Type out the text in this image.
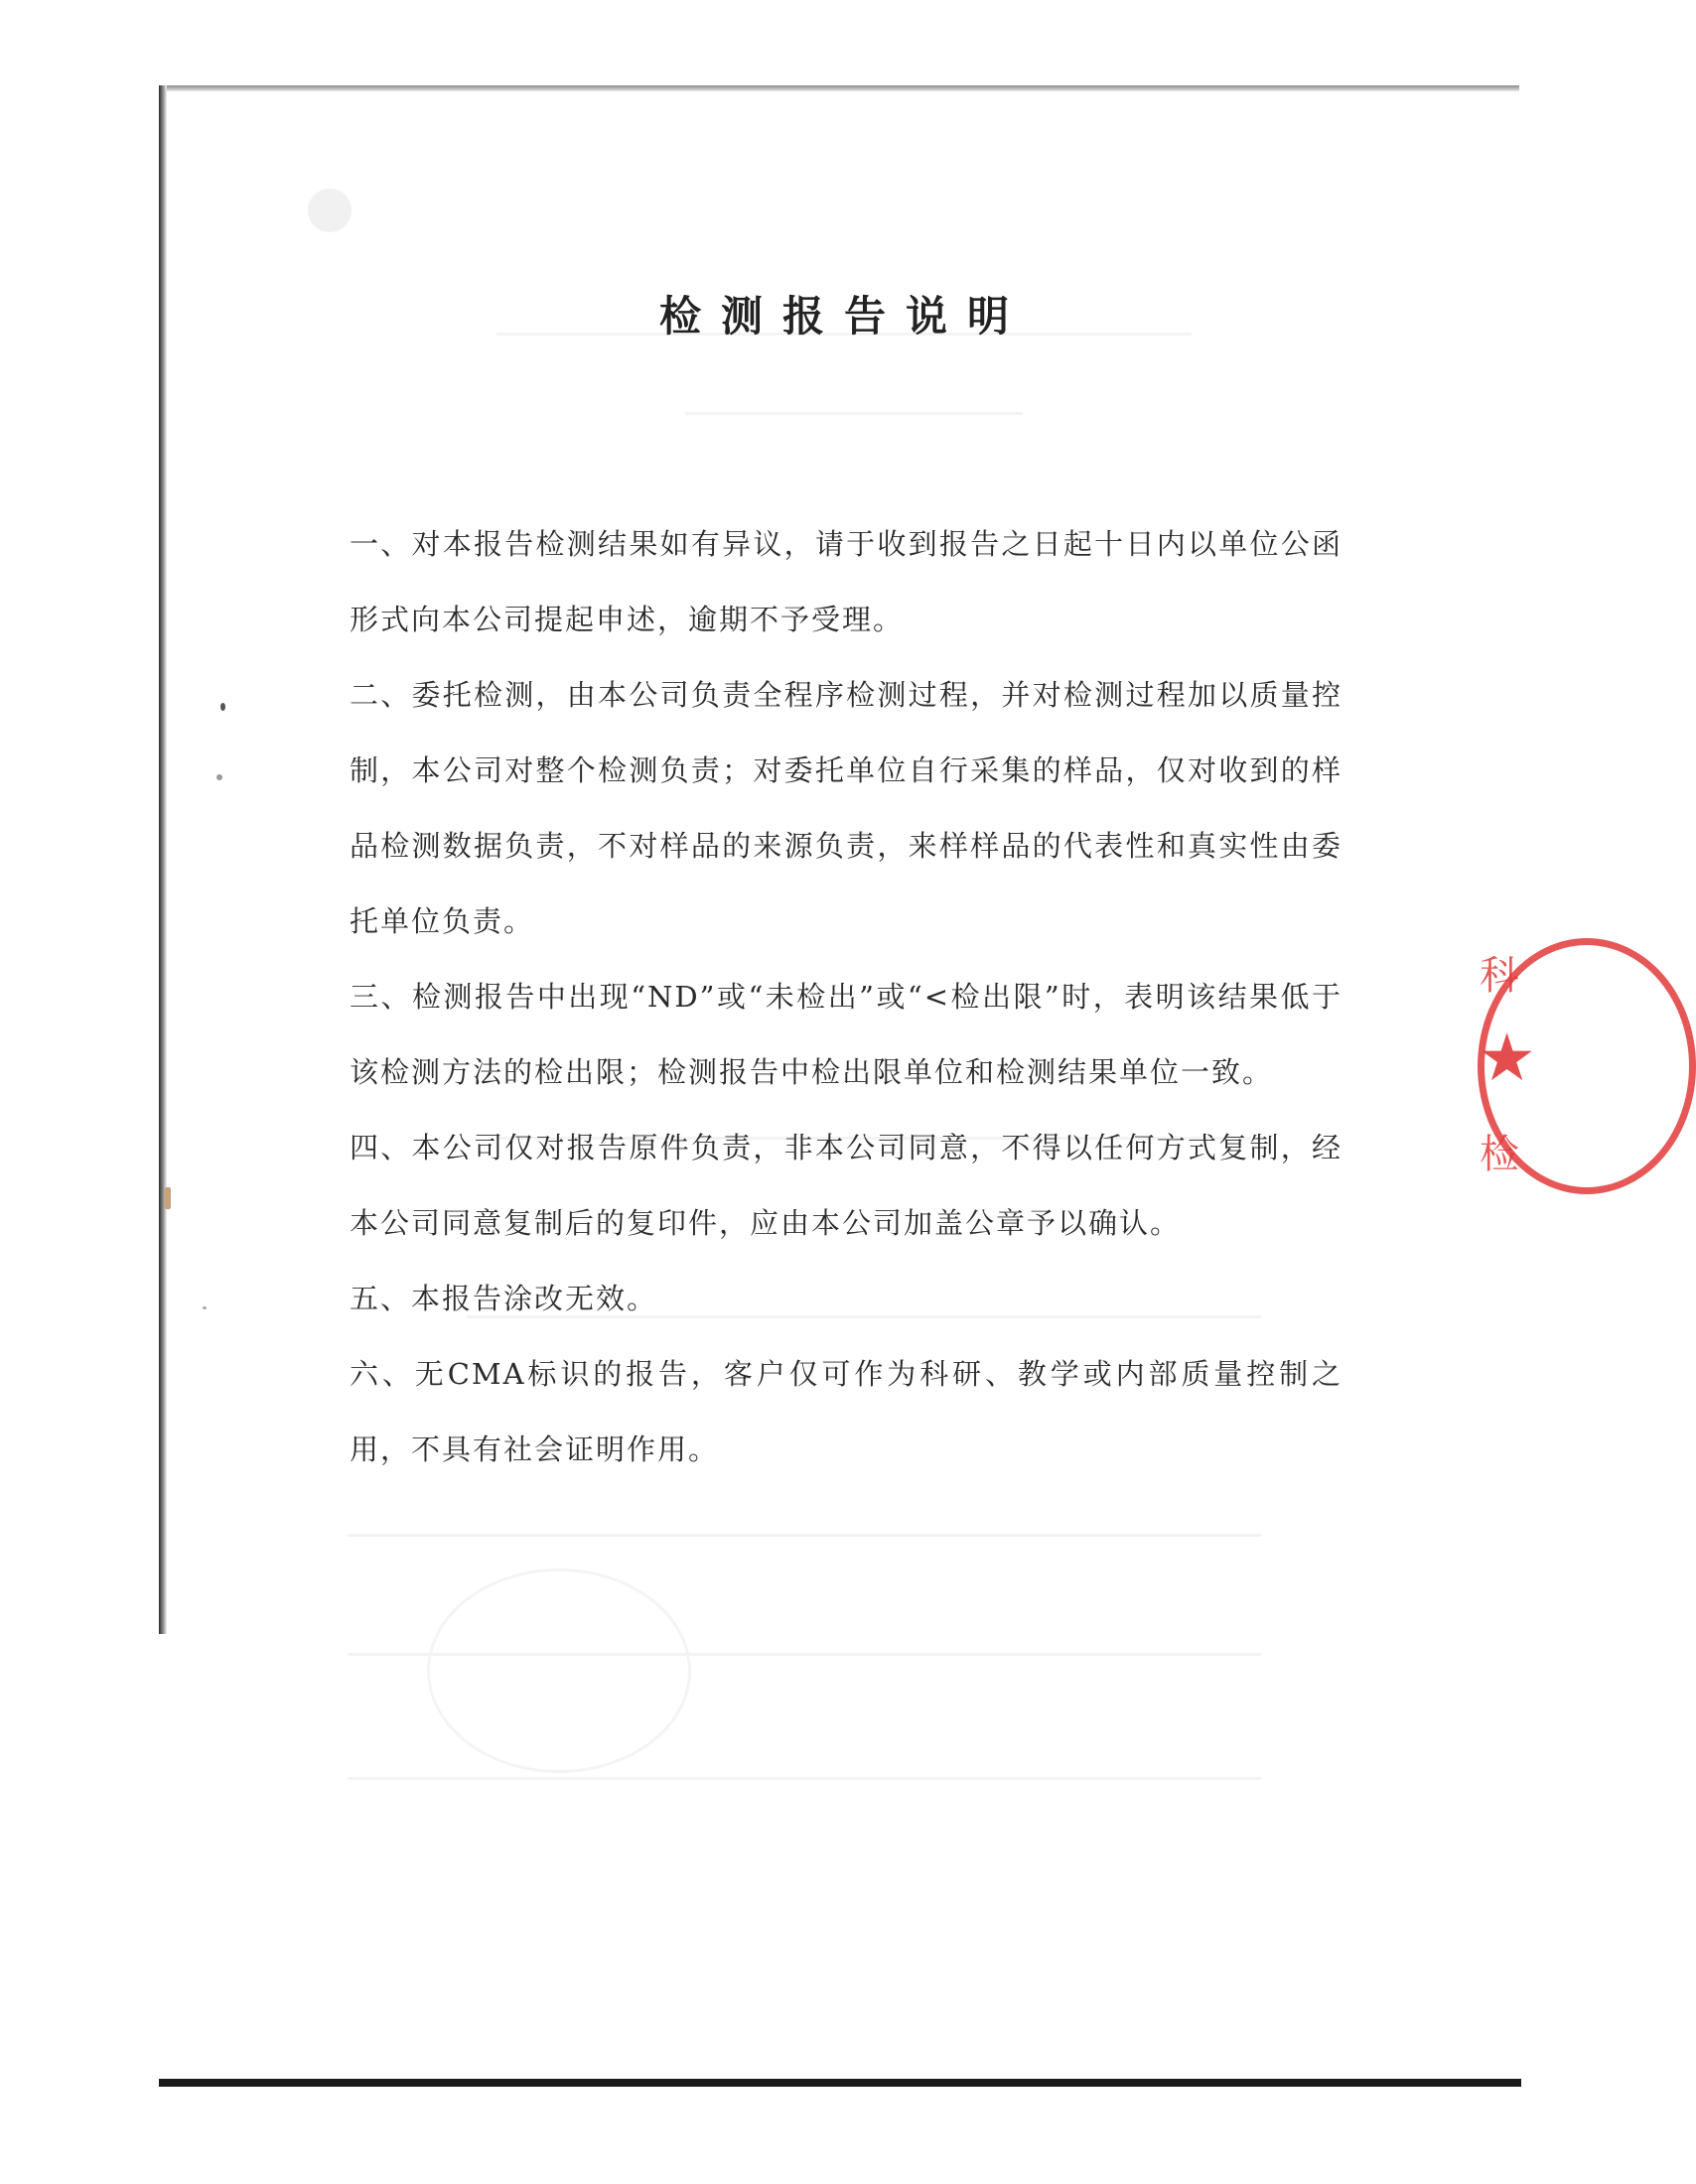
检测报告说明

一、对本报告检测结果如有异议，请于收到报告之日起十日内以单位公函形式向本公司提起申述，逾期不予受理。

二、委托检测，由本公司负责全程序检测过程，并对检测过程加以质量控制，本公司对整个检测负责；对委托单位自行采集的样品，仅对收到的样品检测数据负责，不对样品的来源负责，来样样品的代表性和真实性由委托单位负责。

三、检测报告中出现“ND”或“未检出”或“<检出限”时，表明该结果低于该检测方法的检出限；检测报告中检出限单位和检测结果单位一致。

四、本公司仅对报告原件负责，非本公司同意，不得以任何方式复制，经本公司同意复制后的复印件，应由本公司加盖公章予以确认。

五、本报告涂改无效。

六、无CMA标识的报告，客户仅可作为科研、教学或内部质量控制之用，不具有社会证明作用。

科
★
检
